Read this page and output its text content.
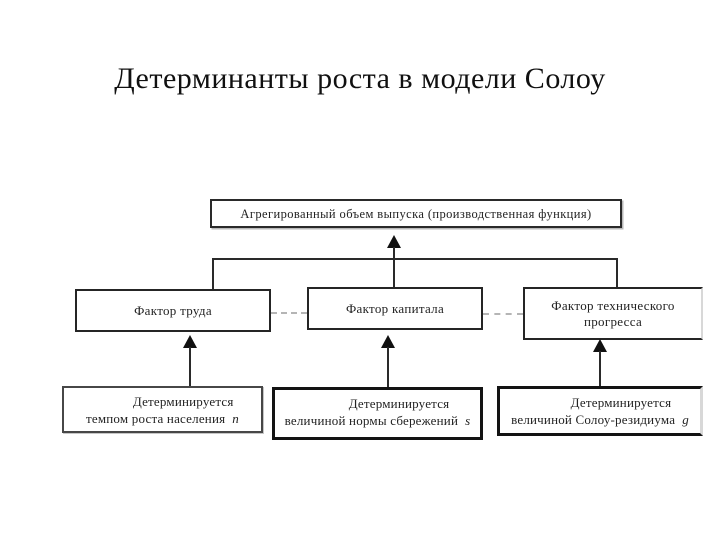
Детерминанты роста в модели Солоу
Агрегированный объем выпуска (производственная функция)
Фактор труда	Фактор капитала	Фактор технического прогресса
Детерминируется
темпом роста населения n
Детерминируется
величиной нормы сбережений s
Детерминируется
величиной Солоу-резидиума g
